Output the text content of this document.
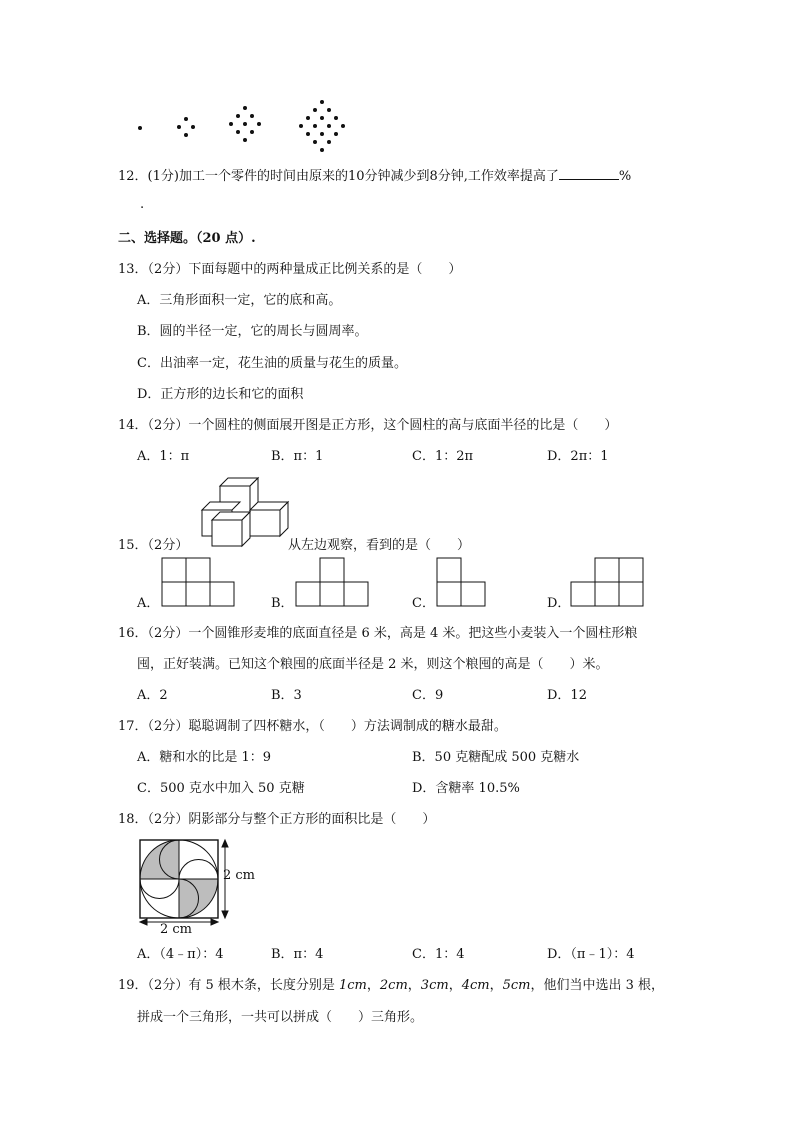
12．(1分)加工一个零件的时间由原来的10分钟减少到8分钟,工作效率提高了	%
.
二、选择题。（20 点）.
13．（2分）下面每题中的两种量成正比例关系的是（　　）
A．三角形面积一定，它的底和高。
B．圆的半径一定，它的周长与圆周率。
C．出油率一定，花生油的质量与花生的质量。
D．正方形的边长和它的面积
14．（2分）一个圆柱的侧面展开图是正方形，这个圆柱的高与底面半径的比是（　　）
A．1：π	B．π：1	C．1：2π	D．2π：1
15．（2分）	从左边观察，看到的是（　　）
A．	B．	C．	D．
16．（2分）一个圆锥形麦堆的底面直径是 6 米，高是 4 米。把这些小麦装入一个圆柱形粮
囤，正好装满。已知这个粮囤的底面半径是 2 米，则这个粮囤的高是（　　）米。
A．2	B．3	C．9	D．12
17．（2分）聪聪调制了四杯糖水，（　　）方法调制成的糖水最甜。
A．糖和水的比是 1：9	B．50 克糖配成 500 克糖水
C．500 克水中加入 50 克糖	D．含糖率 10.5%
18．（2分）阴影部分与整个正方形的面积比是（　　）
2 cm
2 cm
A．（4﹣π）：4	B．π：4	C．1：4	D．（π﹣1）：4
19．（2分）有 5 根木条，长度分别是 1cm，2cm，3cm，4cm，5cm，他们当中选出 3 根，
拼成一个三角形，一共可以拼成（　　）三角形。
